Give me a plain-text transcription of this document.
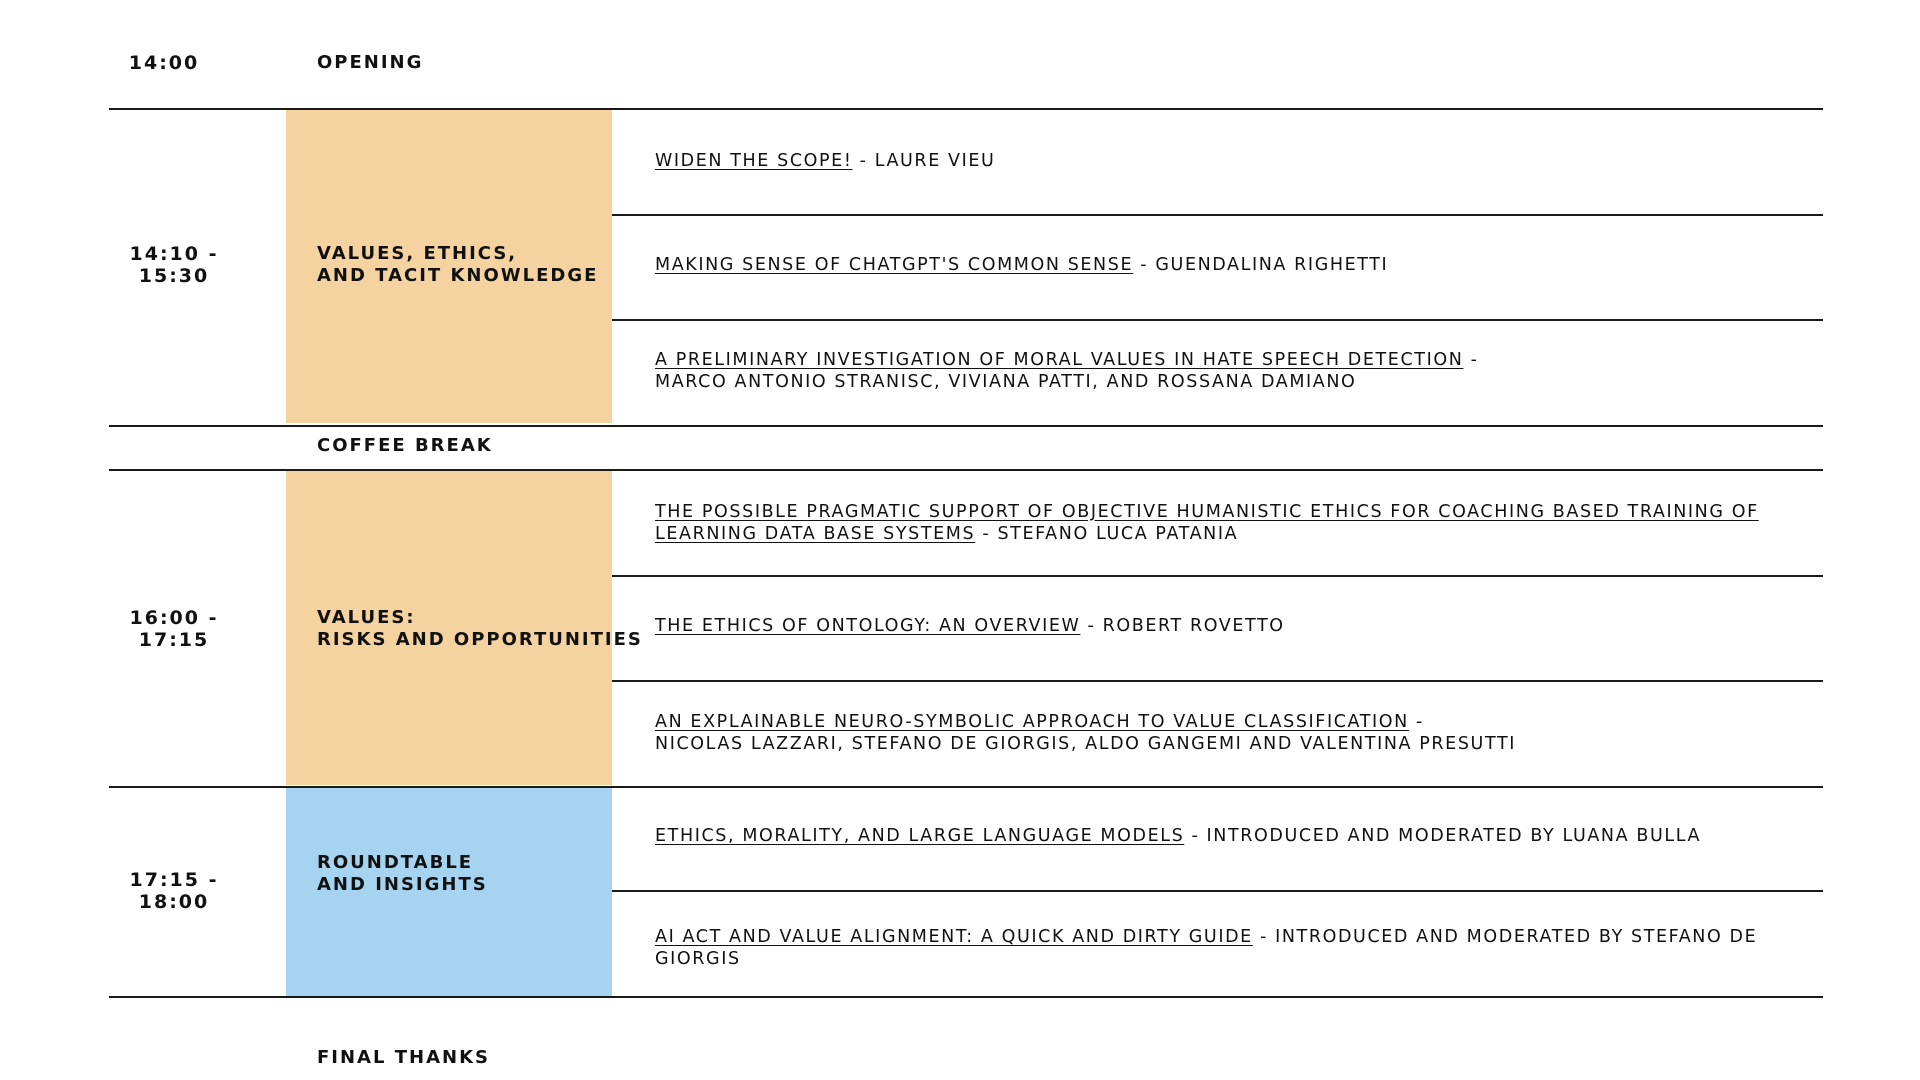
14:00	OPENING
14:10 -
15:30
VALUES, ETHICS,
AND TACIT KNOWLEDGE
WIDEN THE SCOPE! - LAURE VIEU
MAKING SENSE OF CHATGPT'S COMMON SENSE - GUENDALINA RIGHETTI
A PRELIMINARY INVESTIGATION OF MORAL VALUES IN HATE SPEECH DETECTION -
MARCO ANTONIO STRANISC, VIVIANA PATTI, AND ROSSANA DAMIANO
COFFEE BREAK
16:00 -
17:15
VALUES:
RISKS AND OPPORTUNITIES
THE POSSIBLE PRAGMATIC SUPPORT OF OBJECTIVE HUMANISTIC ETHICS FOR COACHING BASED TRAINING OF LEARNING DATA BASE SYSTEMS - STEFANO LUCA PATANIA
THE ETHICS OF ONTOLOGY: AN OVERVIEW - ROBERT ROVETTO
AN EXPLAINABLE NEURO-SYMBOLIC APPROACH TO VALUE CLASSIFICATION -
NICOLAS LAZZARI, STEFANO DE GIORGIS, ALDO GANGEMI AND VALENTINA PRESUTTI
17:15 -
18:00
ROUNDTABLE
AND INSIGHTS
ETHICS, MORALITY, AND LARGE LANGUAGE MODELS - INTRODUCED AND MODERATED BY LUANA BULLA
AI ACT AND VALUE ALIGNMENT: A QUICK AND DIRTY GUIDE - INTRODUCED AND MODERATED BY STEFANO DE GIORGIS
FINAL THANKS
